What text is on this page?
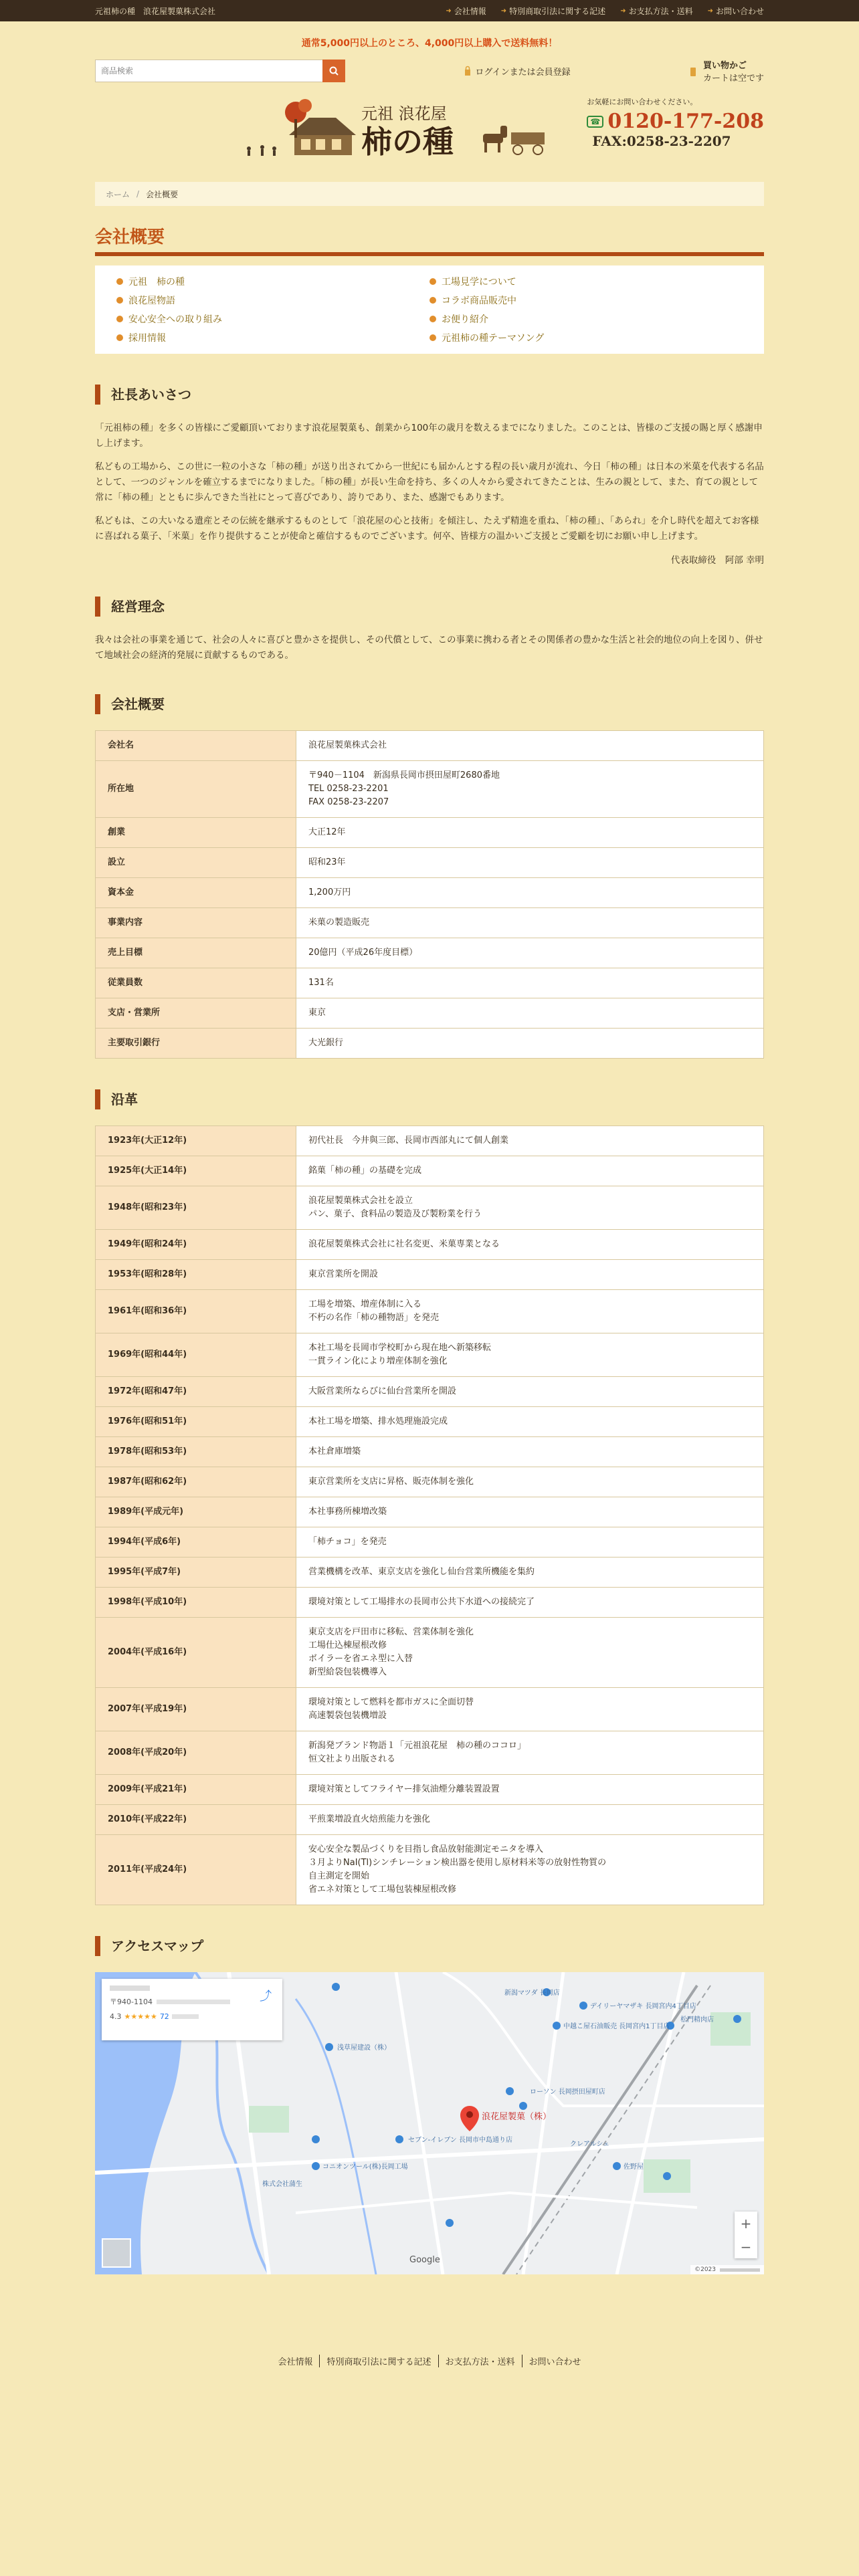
元祖柿の種　浪花屋製菓株式会社	➜ 会社情報 ➜ 特別商取引法に関する記述 ➜ お支払方法・送料 ➜ お問い合わせ
通常5,000円以上のところ、4,000円以上購入で送料無料！
商品検索
ログインまたは会員登録
買い物かご
カートは空です
元祖 浪花屋
柿の種
お気軽にお問い合わせください。
☎ 0120-177-208
FAX:0258-23-2207
ホーム / 会社概要
会社概要
元祖　柿の種	工場見学について
浪花屋物語	コラボ商品販売中
安心安全への取り組み	お便り紹介
採用情報	元祖柿の種テーマソング
社長あいさつ

「元祖柿の種」を多くの皆様にご愛顧頂いております浪花屋製菓も、創業から100年の歳月を数えるまでになりました。このことは、皆様のご支援の賜と厚く感謝申し上げます。

私どもの工場から、この世に一粒の小さな「柿の種」が送り出されてから一世紀にも届かんとする程の長い歳月が流れ、今日「柿の種」は日本の米菓を代表する名品として、一つのジャンルを確立するまでになりました。「柿の種」が長い生命を持ち、多くの人々から愛されてきたことは、生みの親として、また、育ての親として常に「柿の種」とともに歩んできた当社にとって喜びであり、誇りであり、また、感謝でもあります。

私どもは、この大いなる遺産とその伝統を継承するものとして「浪花屋の心と技術」を傾注し、たえず精進を重ね、「柿の種」、「あられ」を介し時代を超えてお客様に喜ばれる菓子、「米菓」を作り提供することが使命と確信するものでございます。何卒、皆様方の温かいご支援とご愛顧を切にお願い申し上げます。

代表取締役　阿部 幸明

経営理念

我々は会社の事業を通じて、社会の人々に喜びと豊かさを提供し、その代償として、この事業に携わる者とその関係者の豊かな生活と社会的地位の向上を図り、併せて地域社会の経済的発展に貢献するものである。

会社概要
会社名	浪花屋製菓株式会社

所在地	〒940－1104　新潟県長岡市摂田屋町2680番地
TEL 0258-23-2201
FAX 0258-23-2207

創業	大正12年

設立	昭和23年

資本金	1,200万円

事業内容	米菓の製造販売

売上目標	20億円（平成26年度目標）

従業員数	131名

支店・営業所	東京

主要取引銀行	大光銀行
沿革
1923年(大正12年)	初代社長　今井與三郎、長岡市西部丸にて個人創業

1925年(大正14年)	銘菓「柿の種」の基礎を完成

1948年(昭和23年)	浪花屋製菓株式会社を設立
パン、菓子、食料品の製造及び製粉業を行う

1949年(昭和24年)	浪花屋製菓株式会社に社名変更、米菓専業となる

1953年(昭和28年)	東京営業所を開設

1961年(昭和36年)	工場を増築、増産体制に入る
不朽の名作「柿の種物語」を発売

1969年(昭和44年)	本社工場を長岡市学校町から現在地へ新築移転
一貫ライン化により増産体制を強化

1972年(昭和47年)	大阪営業所ならびに仙台営業所を開設

1976年(昭和51年)	本社工場を増築、排水処理施設完成

1978年(昭和53年)	本社倉庫増築

1987年(昭和62年)	東京営業所を支店に昇格、販売体制を強化

1989年(平成元年)	本社事務所棟増改築

1994年(平成6年)	「柿チョコ」を発売

1995年(平成7年)	営業機構を改革、東京支店を強化し仙台営業所機能を集約

1998年(平成10年)	環境対策として工場排水の長岡市公共下水道への接続完了

2004年(平成16年)	東京支店を戸田市に移転、営業体制を強化
工場仕込棟屋根改修
ボイラーを省エネ型に入替
新型給袋包装機導入

2007年(平成19年)	環境対策として燃料を都市ガスに全面切替
高速製袋包装機増設

2008年(平成20年)	新潟発ブランド物語１「元祖浪花屋　柿の種のココロ」
恒文社より出版される

2009年(平成21年)	環境対策としてフライヤー排気油煙分離装置設置

2010年(平成22年)	平煎業増設直火焙煎能力を強化

2011年(平成24年)	安心安全な製品づくりを目指し食品放射能測定モニタを導入
３月よりNaI(Tl)シンチレーション検出器を使用し原材料米等の放射性物質の
自主測定を開始
省エネ対策として工場包装棟屋根改修
アクセスマップ
浪花屋製菓（株）
浅草屋建設（株）
新潟マツダ 長岡店
デイリーヤマザキ 長岡宮内4丁目店
中越こ屋石油販売 長岡宮内1丁目店
ローソン 長岡摂田屋町店
セブン-イレブン 長岡市中島通り店
コニオンツール(株)長岡工場
株式会社蒲生
クレアルシェ
佐野屋
松門精肉店
〒940-1104
4.3 ★★★★★ 72
⤴
+
−
Google
©2023
会社情報	特別商取引法に関する記述	お支払方法・送料	お問い合わせ
